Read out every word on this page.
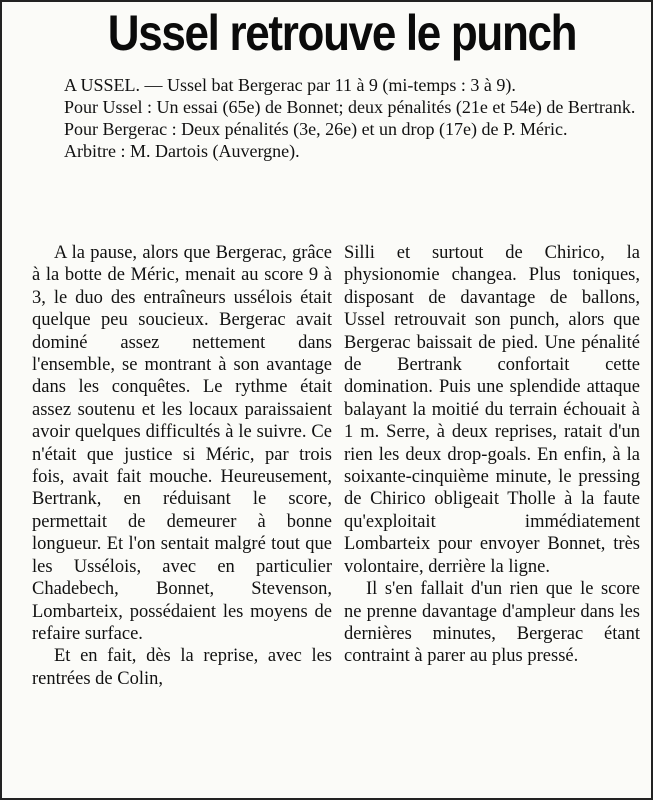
Ussel retrouve le punch

A USSEL. — Ussel bat Bergerac par 11 à 9 (mi-temps : 3 à 9).

Pour Ussel : Un essai (65e) de Bonnet; deux pénalités (21e et 54e) de Bertrank.

Pour Bergerac : Deux pénalités (3e, 26e) et un drop (17e) de P. Méric.

Arbitre : M. Dartois (Auvergne).

A la pause, alors que Bergerac, grâce à la botte de Méric, menait au score 9 à 3, le duo des entraîneurs ussélois était quelque peu soucieux. Bergerac avait dominé assez nettement dans l'ensemble, se montrant à son avantage dans les conquêtes. Le rythme était assez soutenu et les locaux paraissaient avoir quelques difficultés à le suivre. Ce n'était que justice si Méric, par trois fois, avait fait mouche. Heureusement, Bertrank, en réduisant le score, permettait de demeurer à bonne longueur. Et l'on sentait malgré tout que les Ussélois, avec en particulier Chadebech, Bonnet, Stevenson, Lombarteix, possédaient les moyens de refaire surface.

Et en fait, dès la reprise, avec les rentrées de Colin,

Silli et surtout de Chirico, la physionomie changea. Plus toniques, disposant de davantage de ballons, Ussel retrouvait son punch, alors que Bergerac baissait de pied. Une pénalité de Bertrank confortait cette domination. Puis une splendide attaque balayant la moitié du terrain échouait à 1 m. Serre, à deux reprises, ratait d'un rien les deux drop-goals. En enfin, à la soixante-cinquième minute, le pressing de Chirico obligeait Tholle à la faute qu'exploitait immédiatement Lombarteix pour envoyer Bonnet, très volontaire, derrière la ligne.

Il s'en fallait d'un rien que le score ne prenne davantage d'ampleur dans les dernières minutes, Bergerac étant contraint à parer au plus pressé.
